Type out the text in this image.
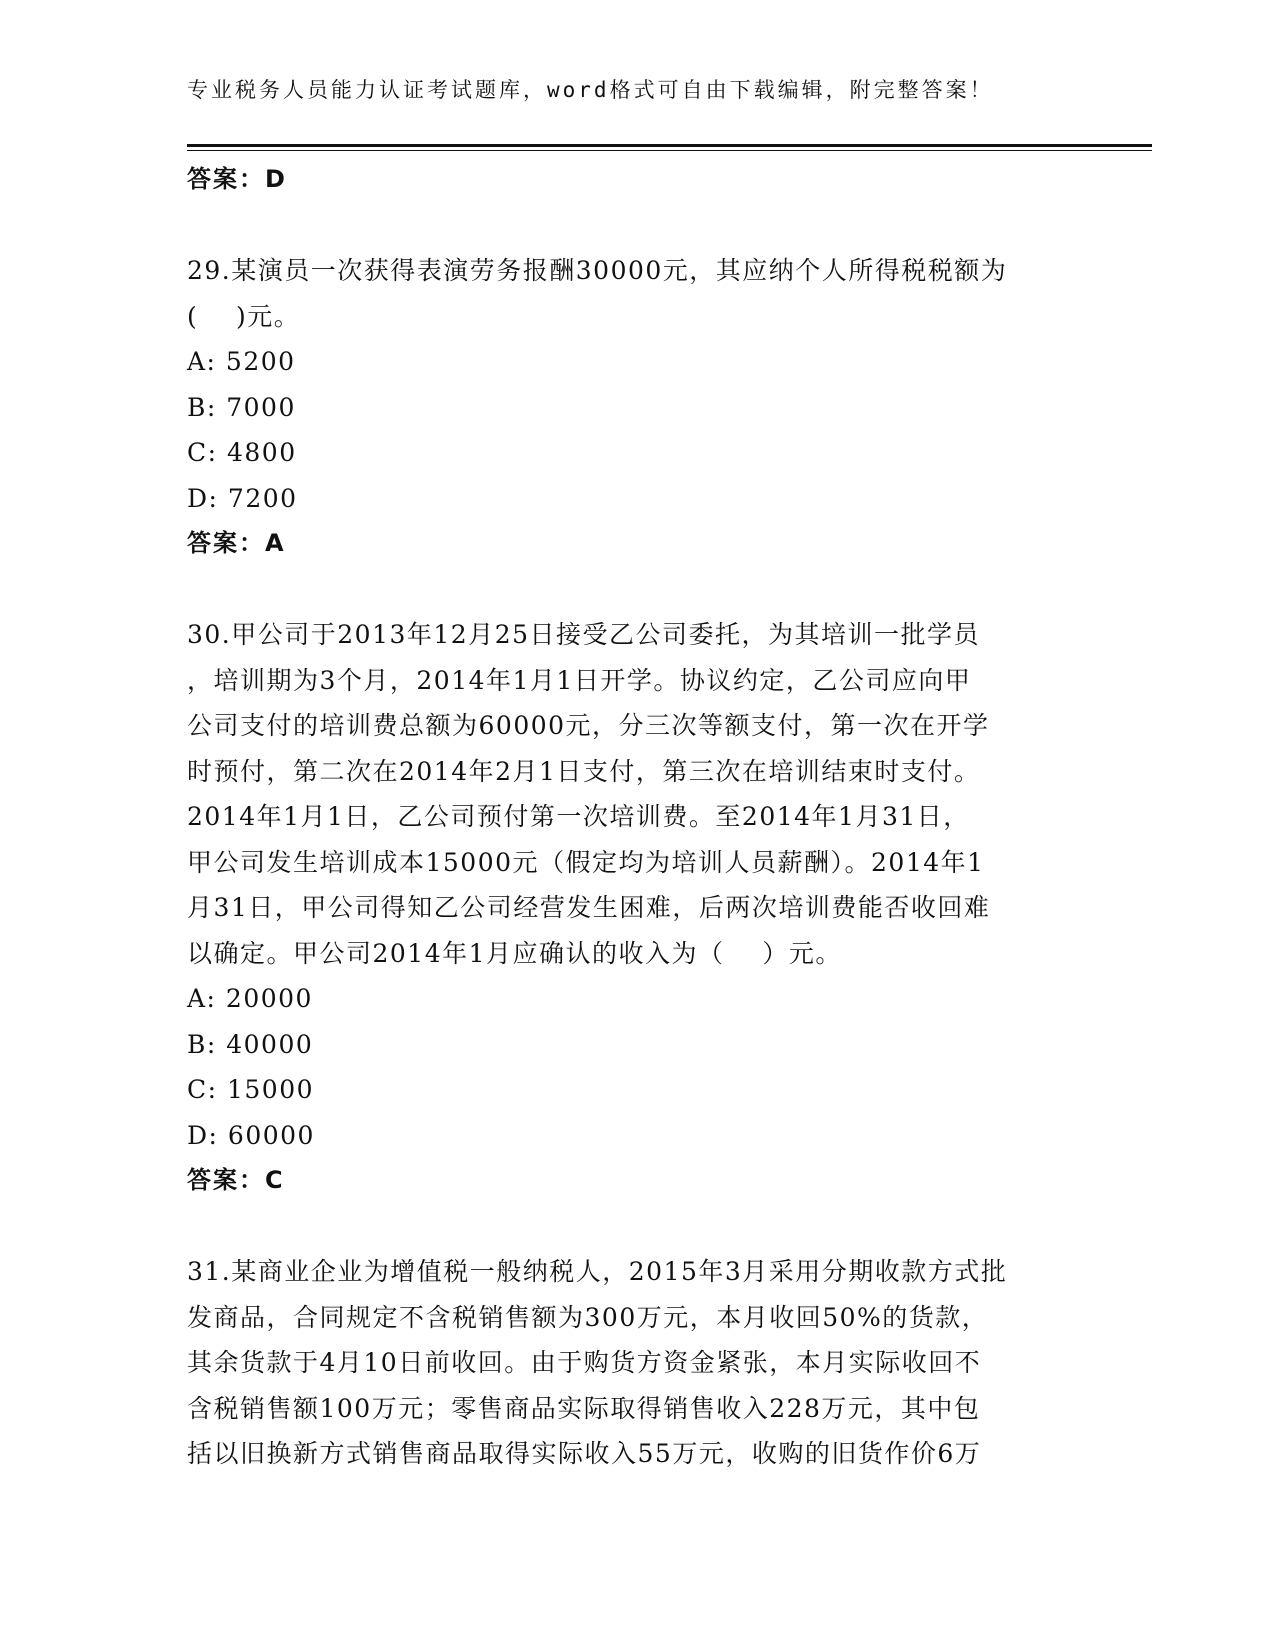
专业税务人员能力认证考试题库，word格式可自由下载编辑，附完整答案！
答案：D
29.某演员一次获得表演劳务报酬30000元，其应纳个人所得税税额为
(    )元。
A: 5200
B: 7000
C: 4800
D: 7200
答案：A
30.甲公司于2013年12月25日接受乙公司委托，为其培训一批学员
，培训期为3个月，2014年1月1日开学。协议约定，乙公司应向甲
公司支付的培训费总额为60000元，分三次等额支付，第一次在开学
时预付，第二次在2014年2月1日支付，第三次在培训结束时支付。
2014年1月1日，乙公司预付第一次培训费。至2014年1月31日，
甲公司发生培训成本15000元（假定均为培训人员薪酬）。2014年1
月31日，甲公司得知乙公司经营发生困难，后两次培训费能否收回难
以确定。甲公司2014年1月应确认的收入为（    ）元。
A: 20000
B: 40000
C: 15000
D: 60000
答案：C
31.某商业企业为增值税一般纳税人，2015年3月采用分期收款方式批
发商品，合同规定不含税销售额为300万元，本月收回50%的货款，
其余货款于4月10日前收回。由于购货方资金紧张，本月实际收回不
含税销售额100万元；零售商品实际取得销售收入228万元，其中包
括以旧换新方式销售商品取得实际收入55万元，收购的旧货作价6万
